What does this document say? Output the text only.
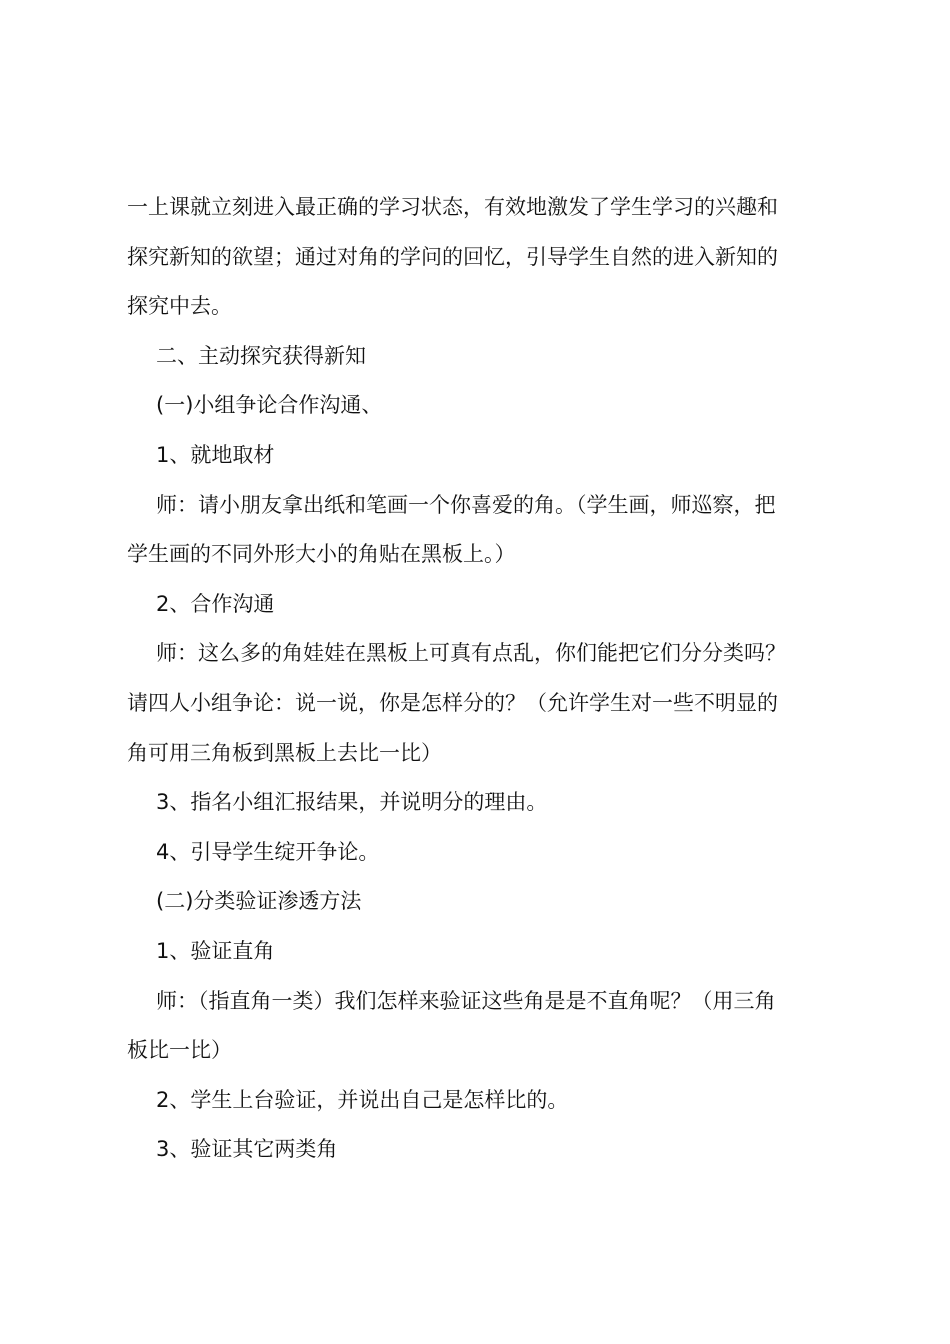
一上课就立刻进入最正确的学习状态，有效地激发了学生学习的兴趣和
探究新知的欲望；通过对角的学问的回忆，引导学生自然的进入新知的
探究中去。
二、主动探究获得新知
(一)小组争论合作沟通、
1、就地取材
师：请小朋友拿出纸和笔画一个你喜爱的角。（学生画，师巡察，把
学生画的不同外形大小的角贴在黑板上。）
2、合作沟通
师：这么多的角娃娃在黑板上可真有点乱，你们能把它们分分类吗？
请四人小组争论：说一说，你是怎样分的？（允许学生对一些不明显的
角可用三角板到黑板上去比一比）
3、指名小组汇报结果，并说明分的理由。
4、引导学生绽开争论。
(二)分类验证渗透方法
1、验证直角
师：（指直角一类）我们怎样来验证这些角是是不直角呢？（用三角
板比一比）
2、学生上台验证，并说出自己是怎样比的。
3、验证其它两类角
